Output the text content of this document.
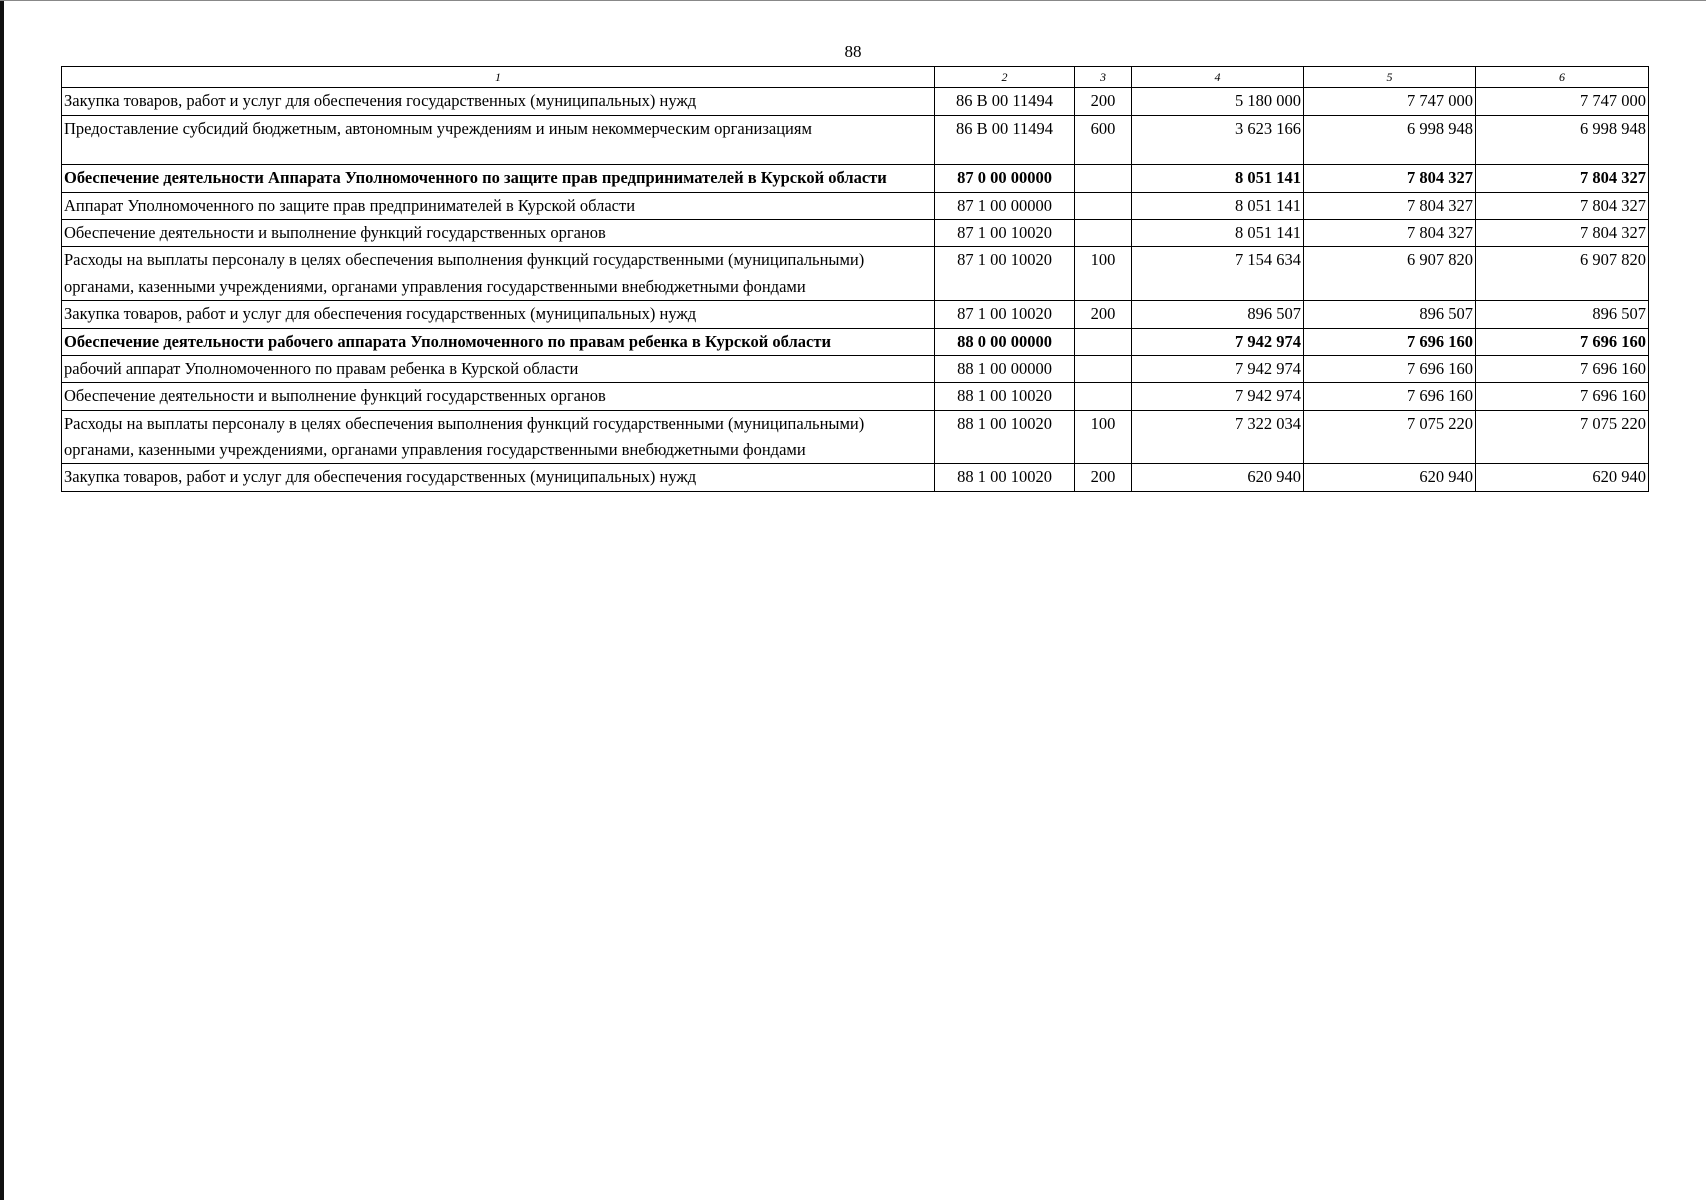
88
1	2	3	4	5	6
Закупка товаров, работ и услуг для обеспечения государственных (муниципальных) нужд	86 В 00 11494	200	5 180 000	7 747 000	7 747 000
Предоставление субсидий бюджетным, автономным учреждениям и иным некоммерческим организациям	86 В 00 11494	600	3 623 166	6 998 948	6 998 948
Обеспечение деятельности Аппарата Уполномоченного по защите прав предпринимателей в Курской области	87 0 00 00000		8 051 141	7 804 327	7 804 327
Аппарат Уполномоченного по защите прав предпринимателей в Курской области	87 1 00 00000		8 051 141	7 804 327	7 804 327
Обеспечение деятельности и выполнение функций государственных органов	87 1 00 10020		8 051 141	7 804 327	7 804 327
Расходы на выплаты персоналу в целях обеспечения выполнения функций государственными (муниципальными) органами, казенными учреждениями, органами управления государственными внебюджетными фондами	87 1 00 10020	100	7 154 634	6 907 820	6 907 820
Закупка товаров, работ и услуг для обеспечения государственных (муниципальных) нужд	87 1 00 10020	200	896 507	896 507	896 507
Обеспечение деятельности рабочего аппарата Уполномоченного по правам ребенка в Курской области	88 0 00 00000		7 942 974	7 696 160	7 696 160
рабочий аппарат Уполномоченного по правам ребенка в Курской области	88 1 00 00000		7 942 974	7 696 160	7 696 160
Обеспечение деятельности и выполнение функций государственных органов	88 1 00 10020		7 942 974	7 696 160	7 696 160
Расходы на выплаты персоналу в целях обеспечения выполнения функций государственными (муниципальными) органами, казенными учреждениями, органами управления государственными внебюджетными фондами	88 1 00 10020	100	7 322 034	7 075 220	7 075 220
Закупка товаров, работ и услуг для обеспечения государственных (муниципальных) нужд	88 1 00 10020	200	620 940	620 940	620 940
